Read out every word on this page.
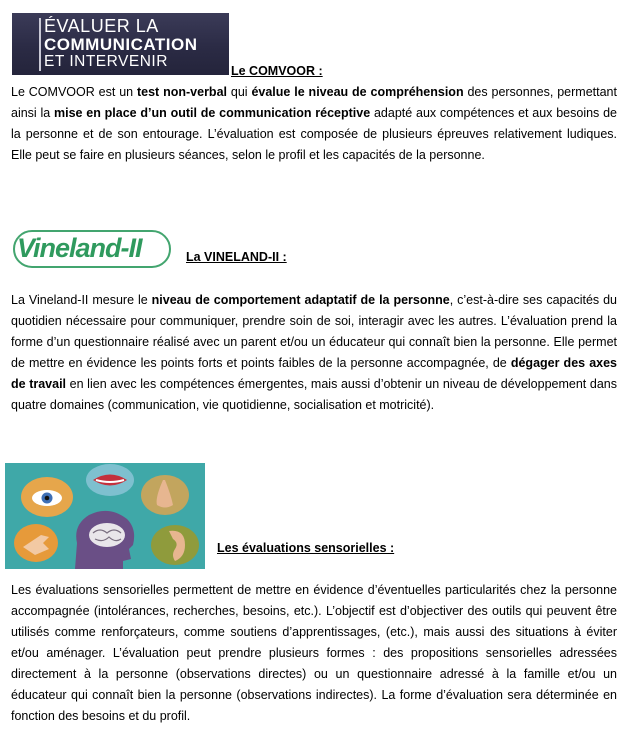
ÉVALUER LA
COMMUNICATION
ET INTERVENIR
Le COMVOOR :

Le COMVOOR est un test non-verbal qui évalue le niveau de compréhension des personnes, permettant ainsi la mise en place d’un outil de communication réceptive adapté aux compétences et aux besoins de la personne et de son entourage. L’évaluation est composée de plusieurs épreuves relativement ludiques. Elle peut se faire en plusieurs séances, selon le profil et les capacités de la personne.

Vineland-II	La VINELAND-II :

La Vineland-II mesure le niveau de comportement adaptatif de la personne, c’est-à-dire ses capacités du quotidien nécessaire pour communiquer, prendre soin de soi, interagir avec les autres. L’évaluation prend la forme d’un questionnaire réalisé avec un parent et/ou un éducateur qui connaît bien la personne. Elle permet de mettre en évidence les points forts et points faibles de la personne accompagnée, de dégager des axes de travail en lien avec les compétences émergentes, mais aussi d’obtenir un niveau de développement dans quatre domaines (communication, vie quotidienne, socialisation et motricité).

Les évaluations sensorielles :

Les évaluations sensorielles permettent de mettre en évidence d’éventuelles particularités chez la personne accompagnée (intolérances, recherches, besoins, etc.). L’objectif est d’objectiver des outils qui peuvent être utilisés comme renforçateurs, comme soutiens d’apprentissages, (etc.), mais aussi des situations à éviter et/ou aménager. L’évaluation peut prendre plusieurs formes : des propositions sensorielles adressées directement à la personne (observations directes) ou un questionnaire adressé à la famille et/ou un éducateur qui connaît bien la personne (observations indirectes). La forme d’évaluation sera déterminée en fonction des besoins et du profil.
